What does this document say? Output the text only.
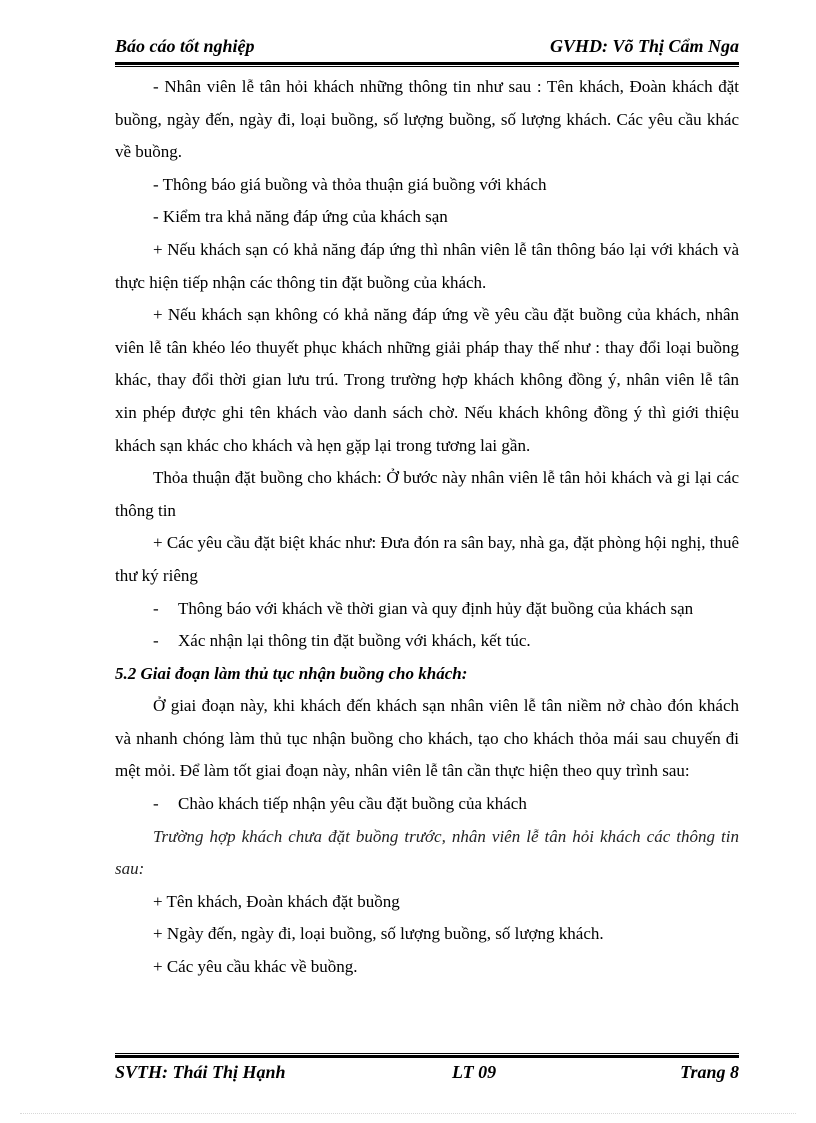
Báo cáo tốt nghiệp	GVHD: Võ Thị Cẩm Nga

- Nhân viên lễ tân hỏi khách những thông tin như sau : Tên khách, Đoàn khách đặt buồng, ngày đến, ngày đi, loại buồng, số lượng buồng, số lượng khách. Các yêu cầu khác về buồng.

- Thông báo giá buồng và thỏa thuận giá buồng với khách

- Kiểm tra khả năng đáp ứng của khách sạn

+ Nếu khách sạn có khả năng đáp ứng thì nhân viên lễ tân thông báo lại với khách và thực hiện tiếp nhận các thông tin đặt buồng của khách.

+ Nếu khách sạn không có khả năng đáp ứng về yêu cầu đặt buồng của khách, nhân viên lễ tân khéo léo thuyết phục khách những giải pháp thay thế như : thay đổi loại buồng khác, thay đổi thời gian lưu trú. Trong trường hợp khách không đồng ý, nhân viên lễ tân xin phép được ghi tên khách vào danh sách chờ. Nếu khách không đồng ý thì giới thiệu khách sạn khác cho khách và hẹn gặp lại trong tương lai gần.

Thỏa thuận đặt buồng cho khách: Ở bước này nhân viên lễ tân hỏi khách và gi lại các thông tin

+ Các yêu cầu đặt biệt khác như: Đưa đón ra sân bay, nhà ga, đặt phòng hội nghị, thuê thư ký riêng

- Thông báo với khách về thời gian và quy định hủy đặt buồng của khách sạn

- Xác nhận lại thông tin đặt buồng với khách, kết túc.

5.2 Giai đoạn làm thủ tục nhận buồng cho khách:

Ở giai đoạn này, khi khách đến khách sạn nhân viên lễ tân niềm nở chào đón khách và nhanh chóng làm thủ tục nhận buồng cho khách, tạo cho khách thỏa mái sau chuyến đi mệt mỏi. Để làm tốt giai đoạn này, nhân viên lễ tân cần thực hiện theo quy trình sau:

- Chào khách tiếp nhận yêu cầu đặt buồng của khách

Trường hợp khách chưa đặt buồng trước, nhân viên lễ tân hỏi khách các thông tin sau:

+ Tên khách, Đoàn khách đặt buồng

+ Ngày đến, ngày đi, loại buồng, số lượng buồng, số lượng khách.

+ Các yêu cầu khác về buồng.

SVTH: Thái Thị Hạnh	LT 09	Trang 8
